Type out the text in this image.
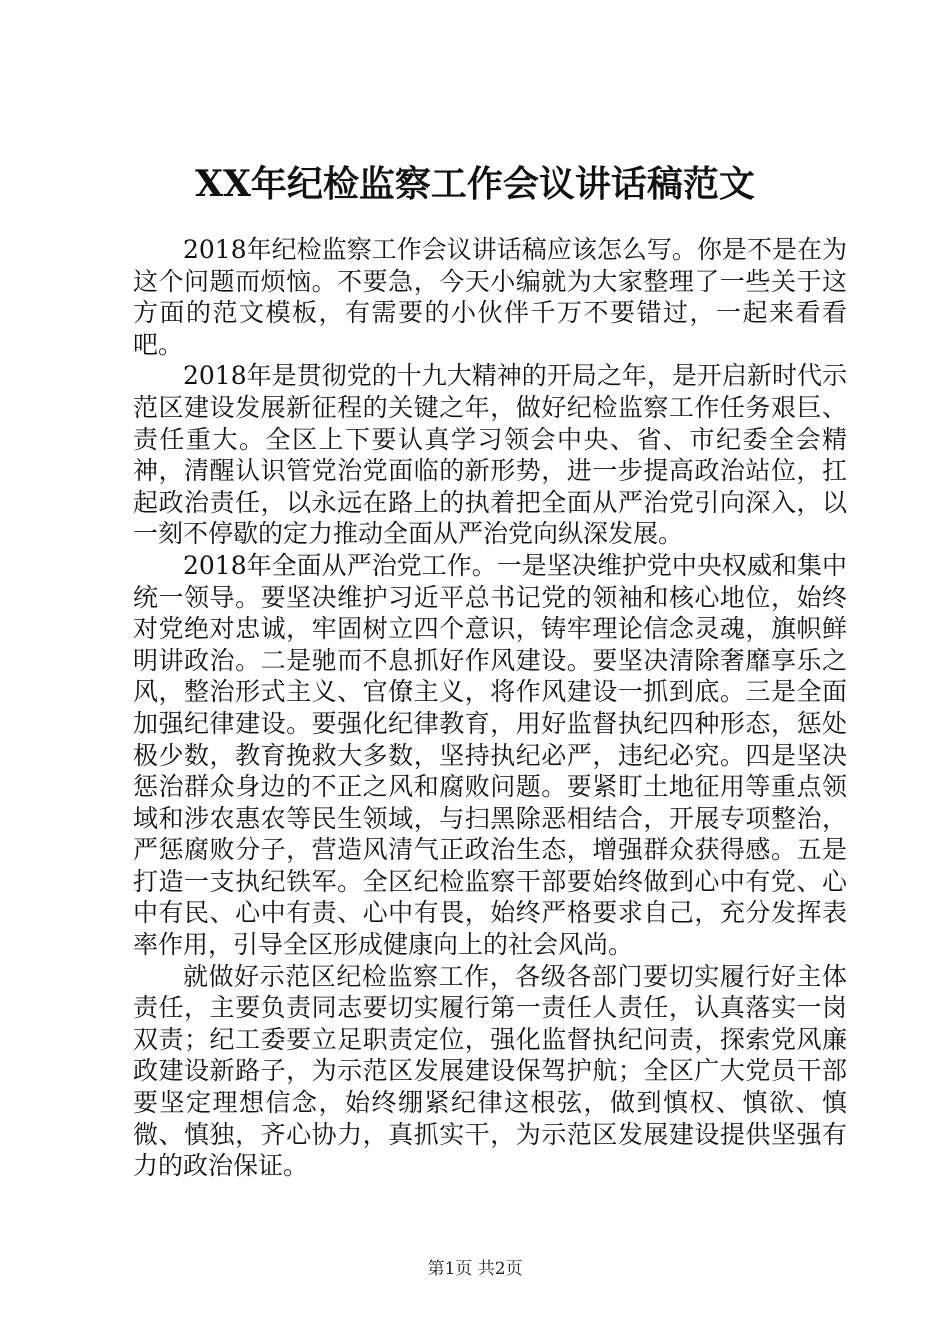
XX年纪检监察工作会议讲话稿范文

2018年纪检监察工作会议讲话稿应该怎么写。你是不是在为这个问题而烦恼。不要急，今天小编就为大家整理了一些关于这方面的范文模板，有需要的小伙伴千万不要错过，一起来看看吧。

2018年是贯彻党的十九大精神的开局之年，是开启新时代示范区建设发展新征程的关键之年，做好纪检监察工作任务艰巨、责任重大。全区上下要认真学习领会中央、省、市纪委全会精神，清醒认识管党治党面临的新形势，进一步提高政治站位，扛起政治责任，以永远在路上的执着把全面从严治党引向深入，以一刻不停歇的定力推动全面从严治党向纵深发展。

2018年全面从严治党工作。一是坚决维护党中央权威和集中统一领导。要坚决维护习近平总书记党的领袖和核心地位，始终对党绝对忠诚，牢固树立四个意识，铸牢理论信念灵魂，旗帜鲜明讲政治。二是驰而不息抓好作风建设。要坚决清除奢靡享乐之风，整治形式主义、官僚主义，将作风建设一抓到底。三是全面加强纪律建设。要强化纪律教育，用好监督执纪四种形态，惩处极少数，教育挽救大多数，坚持执纪必严，违纪必究。四是坚决惩治群众身边的不正之风和腐败问题。要紧盯土地征用等重点领域和涉农惠农等民生领域，与扫黑除恶相结合，开展专项整治，严惩腐败分子，营造风清气正政治生态，增强群众获得感。五是打造一支执纪铁军。全区纪检监察干部要始终做到心中有党、心中有民、心中有责、心中有畏，始终严格要求自己，充分发挥表率作用，引导全区形成健康向上的社会风尚。

就做好示范区纪检监察工作，各级各部门要切实履行好主体责任，主要负责同志要切实履行第一责任人责任，认真落实一岗双责；纪工委要立足职责定位，强化监督执纪问责，探索党风廉政建设新路子，为示范区发展建设保驾护航；全区广大党员干部要坚定理想信念，始终绷紧纪律这根弦，做到慎权、慎欲、慎微、慎独，齐心协力，真抓实干，为示范区发展建设提供坚强有力的政治保证。

第1页 共2页
